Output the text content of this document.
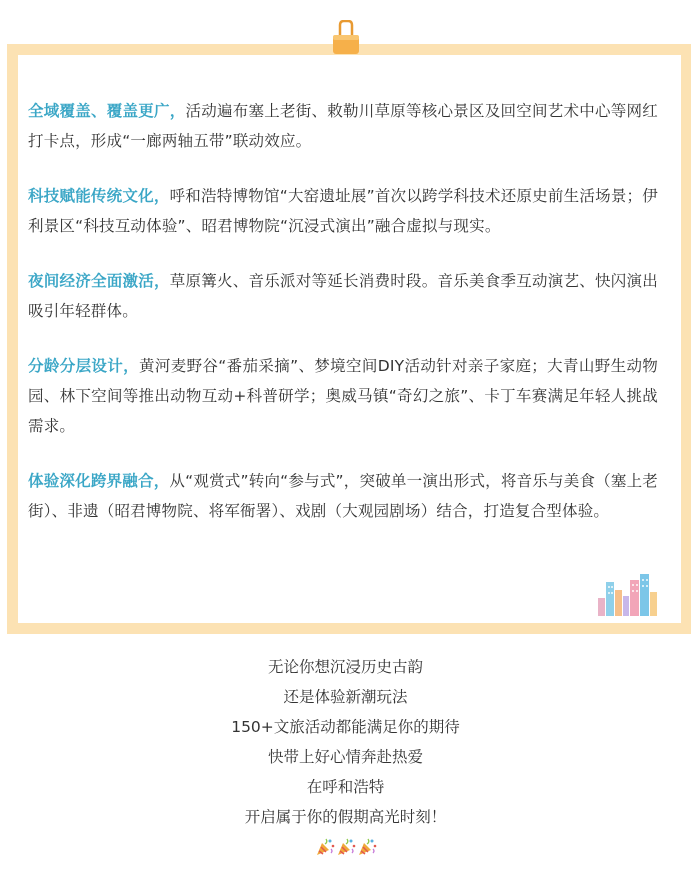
全域覆盖、覆盖更广，活动遍布塞上老街、敕勒川草原等核心景区及回空间艺术中心等网红打卡点，形成“一廊两轴五带”联动效应。

科技赋能传统文化，呼和浩特博物馆“大窑遗址展”首次以跨学科技术还原史前生活场景；伊利景区“科技互动体验”、昭君博物院“沉浸式演出”融合虚拟与现实。

夜间经济全面激活，草原篝火、音乐派对等延长消费时段。音乐美食季互动演艺、快闪演出吸引年轻群体。

分龄分层设计，黄河麦野谷“番茄采摘”、梦境空间DIY活动针对亲子家庭；大青山野生动物园、林下空间等推出动物互动+科普研学；奥威马镇“奇幻之旅”、卡丁车赛满足年轻人挑战需求。

体验深化跨界融合，从“观赏式”转向“参与式”，突破单一演出形式，将音乐与美食（塞上老街）、非遗（昭君博物院、将军衙署）、戏剧（大观园剧场）结合，打造复合型体验。

无论你想沉浸历史古韵
还是体验新潮玩法
150+文旅活动都能满足你的期待
快带上好心情奔赴热爱
在呼和浩特
开启属于你的假期高光时刻！
